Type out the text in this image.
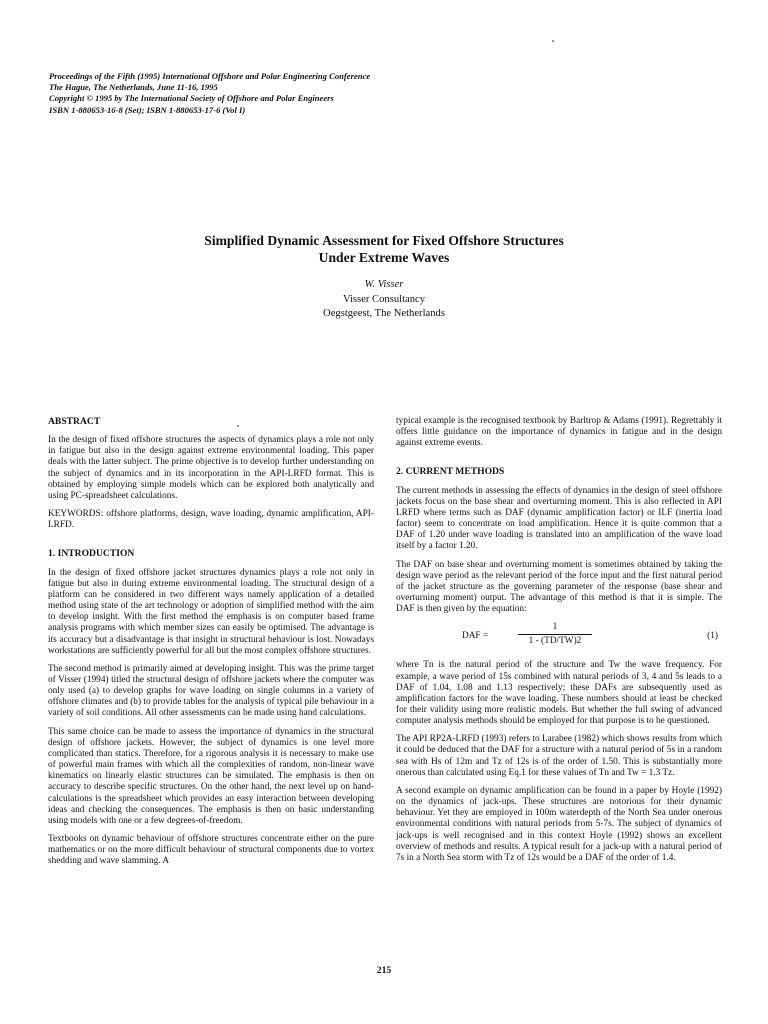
Proceedings of the Fifth (1995) International Offshore and Polar Engineering Conference
The Hague, The Netherlands, June 11-16, 1995
Copyright © 1995 by The International Society of Offshore and Polar Engineers
ISBN 1-880653-16-8 (Set); ISBN 1-880653-17-6 (Vol I)
Simplified Dynamic Assessment for Fixed Offshore Structures
Under Extreme Waves
W. Visser
Visser Consultancy
Oegstgeest, The Netherlands
ABSTRACT

In the design of fixed offshore structures the aspects of dynamics plays a role not only in fatigue but also in the design against extreme environmental loading. This paper deals with the latter subject. The prime objective is to develop further understanding on the subject of dynamics and in its incorporation in the API-LRFD format. This is obtained by employing simple models which can be explored both analytically and using PC-spreadsheet calculations.

KEYWORDS: offshore platforms, design, wave loading, dynamic amplification, API-LRFD.

1. INTRODUCTION

In the design of fixed offshore jacket structures dynamics plays a role not only in fatigue but also in during extreme environmental loading. The structural design of a platform can be considered in two different ways namely application of a detailed method using state of the art technology or adoption of simplified method with the aim to develop insight. With the first method the emphasis is on computer based frame analysis programs with which member sizes can easily be optimised. The advantage is its accuracy but a disadvantage is that insight in structural behaviour is lost. Nowadays workstations are sufficiently powerful for all but the most complex offshore structures.

The second method is primarily aimed at developing insight. This was the prime target of Visser (1994) titled the structural design of offshore jackets where the computer was only used (a) to develop graphs for wave loading on single columns in a variety of offshore climates and (b) to provide tables for the analysis of typical pile behaviour in a variety of soil conditions. All other assessments can be made using hand calculations.

This same choice can be made to assess the importance of dynamics in the structural design of offshore jackets. However, the subject of dynamics is one level more complicated than statics. Therefore, for a rigorous analysis it is necessary to make use of powerful main frames with which all the complexities of random, non-linear wave kinematics on linearly elastic structures can be simulated. The emphasis is then on accuracy to describe specific structures. On the other hand, the next level up on hand-calculations is the spreadsheet which provides an easy interaction between developing ideas and checking the consequences. The emphasis is then on basic understanding using models with one or a few degrees-of-freedom.

Textbooks on dynamic behaviour of offshore structures concentrate either on the pure mathematics or on the more difficult behaviour of structural components due to vortex shedding and wave slamming. A

typical example is the recognised textbook by Barltrop & Adams (1991). Regrettably it offers little guidance on the importance of dynamics in fatigue and in the design against extreme events.

2. CURRENT METHODS

The current methods in assessing the effects of dynamics in the design of steel offshore jackets focus on the base shear and overturning moment. This is also reflected in API LRFD where terms such as DAF (dynamic amplification factor) or ILF (inertia load factor) seem to concentrate on load amplification. Hence it is quite common that a DAF of 1.20 under wave loading is translated into an amplification of the wave load itself by a factor 1.20.

The DAF on base shear and overturning moment is sometimes obtained by taking the design wave period as the relevant period of the force input and the first natural period of the jacket structure as the governing parameter of the response (base shear and overturning moment) output. The advantage of this method is that it is simple. The DAF is then given by the equation:

DAF =
1
1 - (TD/TW)2	(1)

where Tn is the natural period of the structure and Tw the wave frequency. For example, a wave period of 15s combined with natural periods of 3, 4 and 5s leads to a DAF of 1.04, 1.08 and 1.13 respectively; these DAFs are subsequently used as amplification factors for the wave loading. These numbers should at least be checked for their validity using more realistic models. But whether the full swing of advanced computer analysis methods should be employed for that purpose is to be questioned.

The API RP2A-LRFD (1993) refers to Larabee (1982) which shows results from which it could be deduced that the DAF for a structure with a natural period of 5s in a random sea with Hs of 12m and Tz of 12s is of the order of 1.50. This is substantially more onerous than calculated using Eq.1 for these values of Tn and Tw = 1.3 Tz.

A second example on dynamic amplification can be found in a paper by Hoyle (1992) on the dynamics of jack-ups. These structures are notorious for their dynamic behaviour. Yet they are employed in 100m waterdepth of the North Sea under onerous environmental conditions with natural periods from 5-7s. The subject of dynamics of jack-ups is well recognised and in this context Hoyle (1992) shows an excellent overview of methods and results. A typical result for a jack-up with a natural period of 7s in a North Sea storm with Tz of 12s would be a DAF of the order of 1.4.

215
